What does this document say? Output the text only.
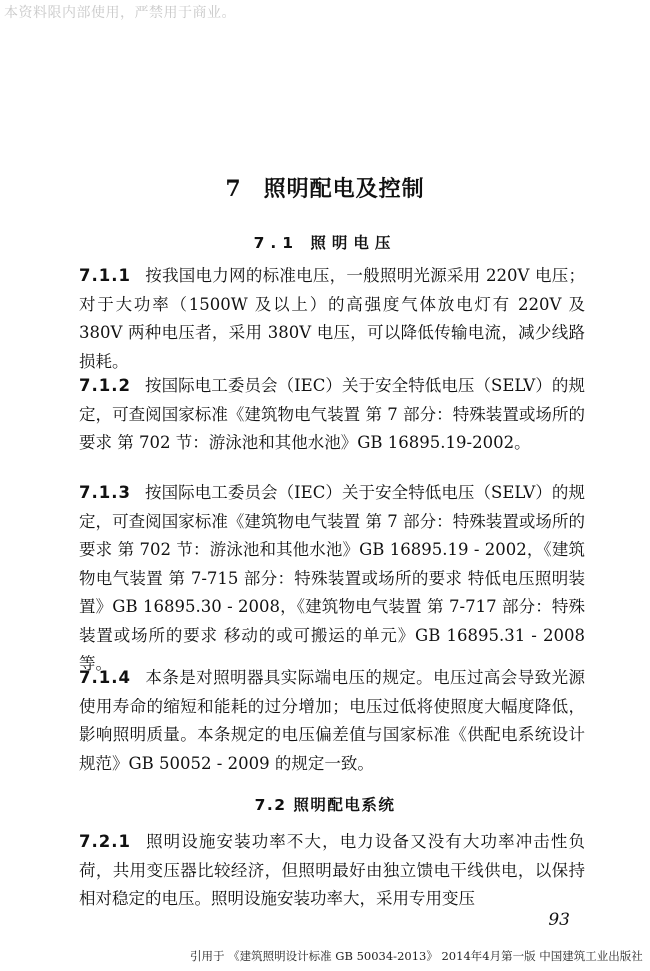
本资料限内部使用，严禁用于商业。
7 照明配电及控制
7.1 照明电压

7.1.1 按我国电力网的标准电压，一般照明光源采用 220V 电压；对于大功率（1500W 及以上）的高强度气体放电灯有 220V 及 380V 两种电压者，采用 380V 电压，可以降低传输电流，减少线路损耗。

7.1.2 按国际电工委员会（IEC）关于安全特低电压（SELV）的规定，可查阅国家标准《建筑物电气装置 第 7 部分：特殊装置或场所的要求 第 702 节：游泳池和其他水池》GB 16895.19-2002。

7.1.3 按国际电工委员会（IEC）关于安全特低电压（SELV）的规定，可查阅国家标准《建筑物电气装置 第 7 部分：特殊装置或场所的要求 第 702 节：游泳池和其他水池》GB 16895.19 - 2002，《建筑物电气装置 第 7-715 部分：特殊装置或场所的要求 特低电压照明装置》GB 16895.30 - 2008，《建筑物电气装置 第 7-717 部分：特殊装置或场所的要求 移动的或可搬运的单元》GB 16895.31 - 2008 等。

7.1.4 本条是对照明器具实际端电压的规定。电压过高会导致光源使用寿命的缩短和能耗的过分增加；电压过低将使照度大幅度降低，影响照明质量。本条规定的电压偏差值与国家标准《供配电系统设计规范》GB 50052 - 2009 的规定一致。

7.2 照明配电系统

7.2.1 照明设施安装功率不大，电力设备又没有大功率冲击性负荷，共用变压器比较经济，但照明最好由独立馈电干线供电，以保持相对稳定的电压。照明设施安装功率大，采用专用变压

93
引用于 《建筑照明设计标准 GB 50034-2013》 2014年4月第一版 中国建筑工业出版社
